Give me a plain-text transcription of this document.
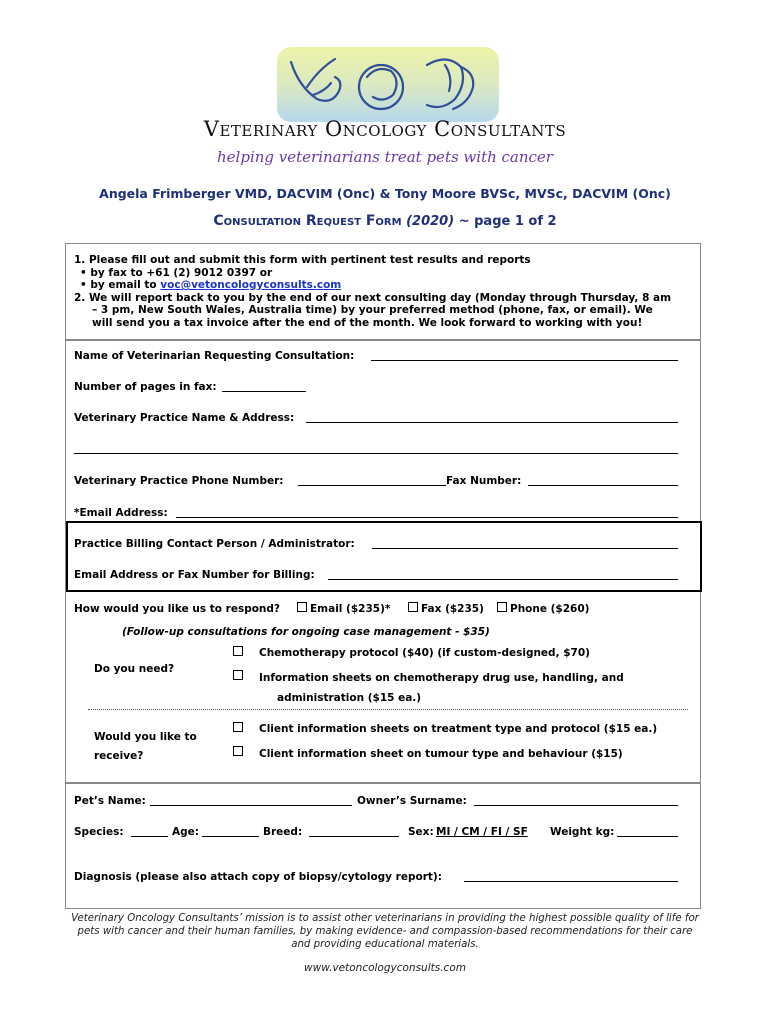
Veterinary Oncology Consultants
helping veterinarians treat pets with cancer
Angela Frimberger VMD, DACVIM (Onc) & Tony Moore BVSc, MVSc, DACVIM (Onc)
Consultation Request Form (2020) ~ page 1 of 2
1. Please fill out and submit this form with pertinent test results and reports
• by fax to +61 (2) 9012 0397 or
• by email to voc@vetoncologyconsults.com
2. We will report back to you by the end of our next consulting day (Monday through Thursday, 8 am
– 3 pm, New South Wales, Australia time) by your preferred method (phone, fax, or email). We
will send you a tax invoice after the end of the month. We look forward to working with you!
Name of Veterinarian Requesting Consultation:
Number of pages in fax:
Veterinary Practice Name & Address:
Veterinary Practice Phone Number:	Fax Number:
*Email Address:
Practice Billing Contact Person / Administrator:
Email Address or Fax Number for Billing:
How would you like us to respond?	Email ($235)*	Fax ($235) Phone ($260)
(Follow-up consultations for ongoing case management - $35)
Do you need?
Chemotherapy protocol ($40) (if custom-designed, $70)
Information sheets on chemotherapy drug use, handling, and
administration ($15 ea.)
Would you like to
receive?
Client information sheets on treatment type and protocol ($15 ea.)
Client information sheet on tumour type and behaviour ($15)
Pet’s Name:	Owner’s Surname:
Species:	Age:	Breed:	Sex: MI / CM / FI / SF Weight kg:
Diagnosis (please also attach copy of biopsy/cytology report):
Veterinary Oncology Consultants’ mission is to assist other veterinarians in providing the highest possible quality of life for pets with cancer and their human families, by making evidence- and compassion-based recommendations for their care and providing educational materials.
www.vetoncologyconsults.com
